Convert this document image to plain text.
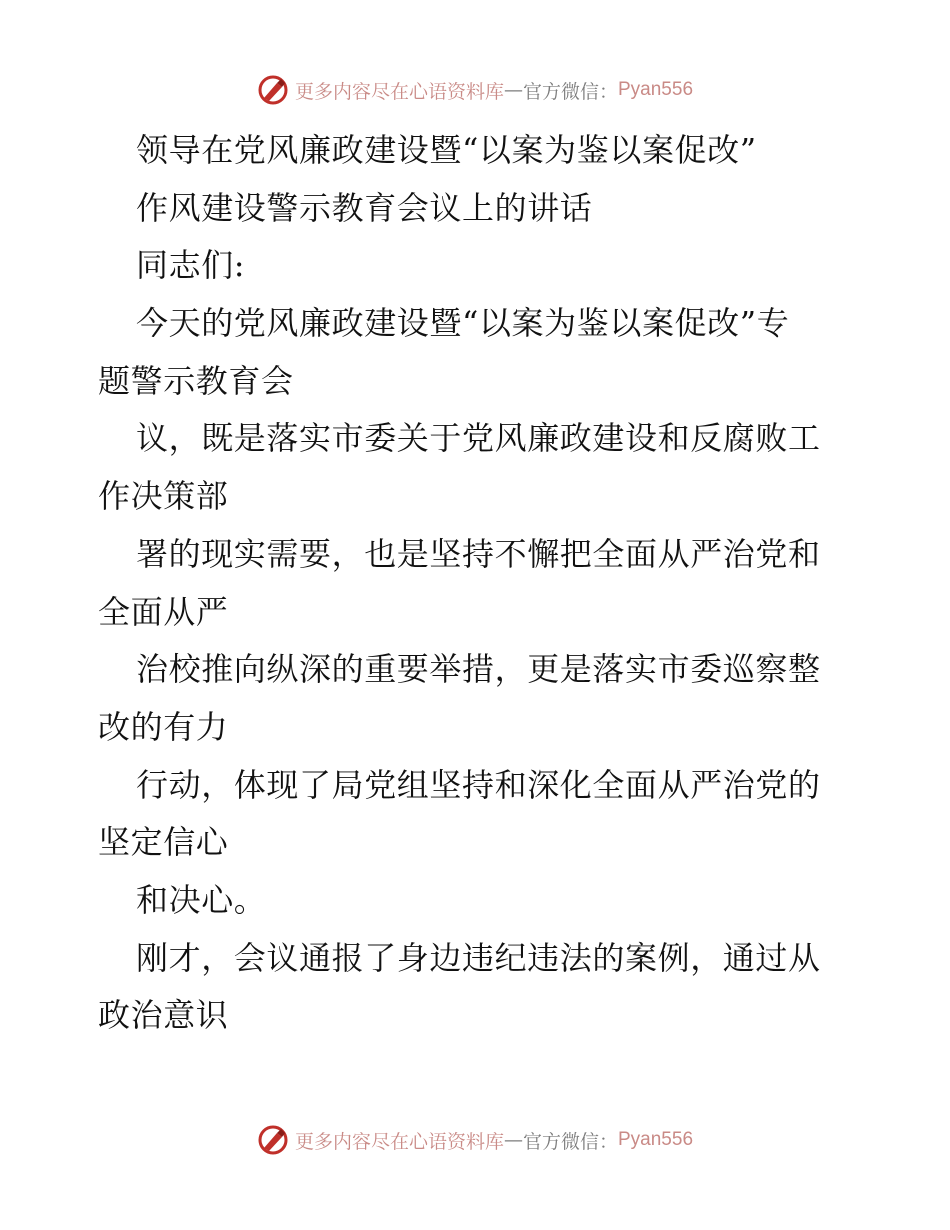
更多内容尽在心语资料库 — 官方微信： Pyan556
领导在党风廉政建设暨“以案为鉴以案促改”
作风建设警示教育会议上的讲话
同志们:
今天的党风廉政建设暨“以案为鉴以案促改”专
题警示教育会
议，既是落实市委关于党风廉政建设和反腐败工
作决策部
署的现实需要，也是坚持不懈把全面从严治党和
全面从严
治校推向纵深的重要举措，更是落实市委巡察整
改的有力
行动，体现了局党组坚持和深化全面从严治党的
坚定信心
和决心。
刚才，会议通报了身边违纪违法的案例，通过从
政治意识
更多内容尽在心语资料库 — 官方微信： Pyan556
